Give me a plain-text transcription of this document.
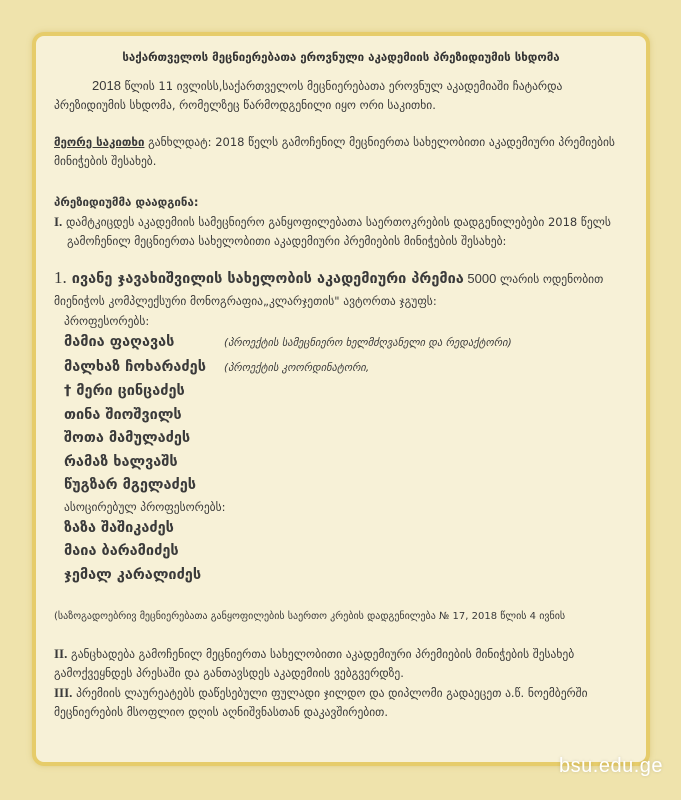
საქართველოს მეცნიერებათა ეროვნული აკადემიის პრეზიდიუმის სხდომა

2018 წლის 11 ივლისს,საქართველოს მეცნიერებათა ეროვნულ აკადემიაში ჩატარდა პრეზიდიუმის სხდომა, რომელზეც წარმოდგენილი იყო ორი საკითხი.

მეორე საკითხი განხლდატ: 2018 წელს გამოჩენილ მეცნიერთა სახელობითი აკადემიური პრემიების მინიჭების შესახებ.

პრეზიდიუმმა დაადგინა:

I. დამტკიცდეს აკადემიის სამეცნიერო განყოფილებათა საერთოკრების დადგენილებები 2018 წელს გამოჩენილ მეცნიერთა სახელობითი აკადემიური პრემიების მინიჭების შესახებ:

1. ივანე ჯავახიშვილის სახელობის აკადემიური პრემია 5000 ლარის ოდენობით მიენიჭოს კომპლექსური მონოგრაფია„კლარჯეთის" ავტორთა ჯგუფს:
პროფესორებს:
მამია ფაღავას	(პროექტის სამეცნიერო ხელმძღვანელი და რედაქტორი)
მალხაზ ჩოხარაძეს (პროექტის კოორდინატორი,
† მერი ცინცაძეს
თინა შიოშვილს
შოთა მამულაძეს
რამაზ ხალვაშს
წუგზარ მგელაძეს
ასოცირებულ პროფესორებს:
ზაზა შაშიკაძეს
მაია ბარამიძეს
ჯემალ კარალიძეს

(საზოგადოებრივ მეცნიერებათა განყოფილების საერთო კრების დადგენილება № 17, 2018 წლის 4 ივნის

II. განცხადება გამოჩენილ მეცნიერთა სახელობითი აკადემიური პრემიების მინიჭების შესახებ გამოქვეყნდეს პრესაში და განთავსდეს აკადემიის ვებგვერდზე.

III. პრემიის ლაურეატებს დაწესებული ფულადი ჯილდო და დიპლომი გადაეცეთ ა.წ. ნოემბერში მეცნიერების მსოფლიო დღის აღნიშვნასთან დაკავშირებით.

bsu.edu.ge
